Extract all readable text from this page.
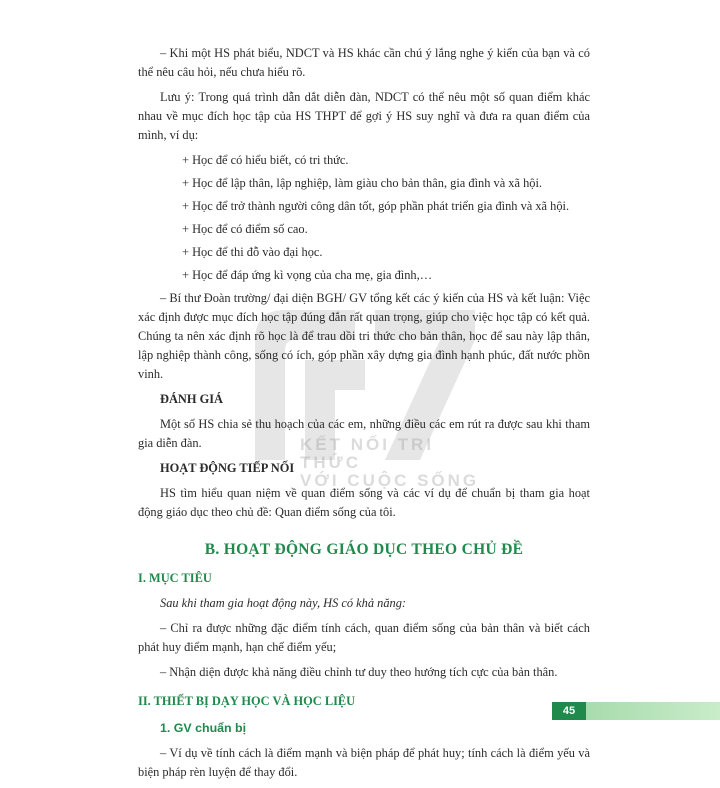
KẾT NỐI TRI THỨC
VỚI CUỘC SỐNG

– Khi một HS phát biểu, NDCT và HS khác cần chú ý lắng nghe ý kiến của bạn và có thể nêu câu hỏi, nếu chưa hiểu rõ.

Lưu ý: Trong quá trình dẫn dắt diễn đàn, NDCT có thể nêu một số quan điểm khác nhau về mục đích học tập của HS THPT để gợi ý HS suy nghĩ và đưa ra quan điểm của mình, ví dụ:

+ Học để có hiểu biết, có tri thức.

+ Học để lập thân, lập nghiệp, làm giàu cho bản thân, gia đình và xã hội.

+ Học để trở thành người công dân tốt, góp phần phát triển gia đình và xã hội.

+ Học để có điểm số cao.

+ Học để thi đỗ vào đại học.

+ Học để đáp ứng kì vọng của cha mẹ, gia đình,…

– Bí thư Đoàn trường/ đại diện BGH/ GV tổng kết các ý kiến của HS và kết luận: Việc xác định được mục đích học tập đúng đắn rất quan trọng, giúp cho việc học tập có kết quả. Chúng ta nên xác định rõ học là để trau dồi tri thức cho bản thân, học để sau này lập thân, lập nghiệp thành công, sống có ích, góp phần xây dựng gia đình hạnh phúc, đất nước phồn vinh.

ĐÁNH GIÁ

Một số HS chia sẻ thu hoạch của các em, những điều các em rút ra được sau khi tham gia diễn đàn.

HOẠT ĐỘNG TIẾP NỐI

HS tìm hiểu quan niệm về quan điểm sống và các ví dụ để chuẩn bị tham gia hoạt động giáo dục theo chủ đề: Quan điểm sống của tôi.

B. HOẠT ĐỘNG GIÁO DỤC THEO CHỦ ĐỀ
I. MỤC TIÊU

Sau khi tham gia hoạt động này, HS có khả năng:

– Chỉ ra được những đặc điểm tính cách, quan điểm sống của bản thân và biết cách phát huy điểm mạnh, hạn chế điểm yếu;

– Nhận diện được khả năng điều chỉnh tư duy theo hướng tích cực của bản thân.

II. THIẾT BỊ DẠY HỌC VÀ HỌC LIỆU
1. GV chuẩn bị

– Ví dụ về tính cách là điểm mạnh và biện pháp để phát huy; tính cách là điểm yếu và biện pháp rèn luyện để thay đổi.

45
